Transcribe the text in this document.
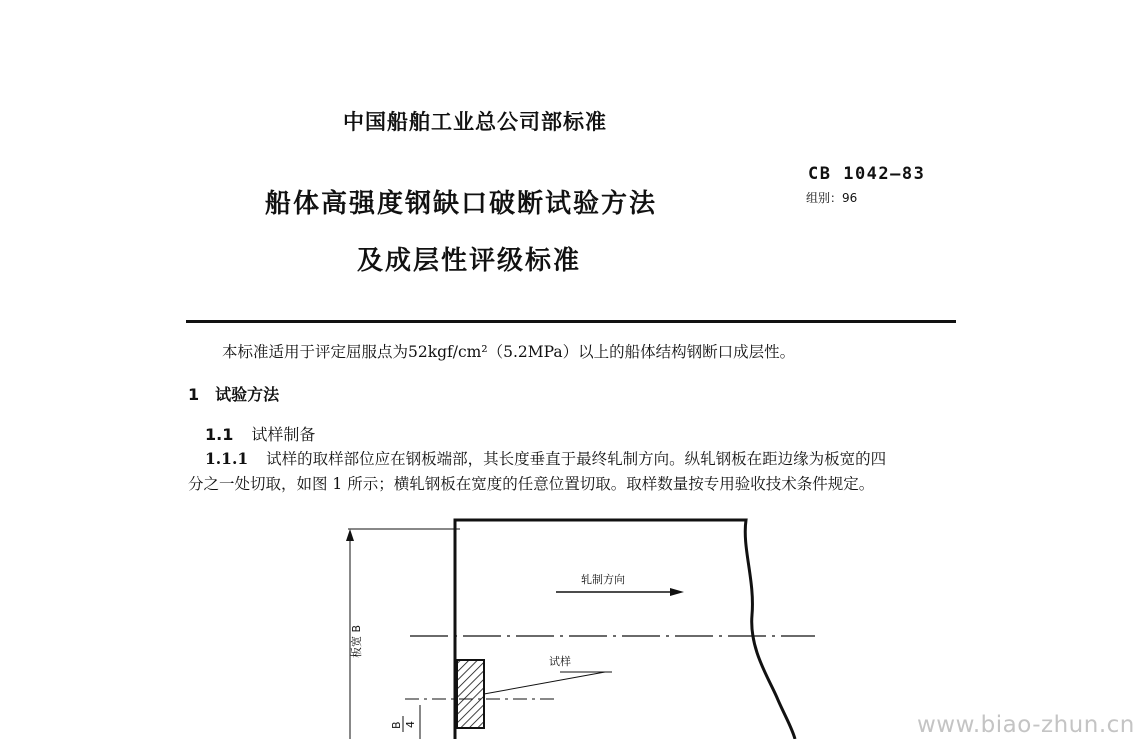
中国船舶工业总公司部标准
船体高强度钢缺口破断试验方法
及成层性评级标准
CB 1042—83
组别：96
本标准适用于评定屈服点为52kgf/cm²（5.2MPa）以上的船体结构钢断口成层性。
1　试验方法
1.1 试样制备
1.1.1 试样的取样部位应在钢板端部，其长度垂直于最终轧制方向。纵轧钢板在距边缘为板宽的四
分之一处切取，如图 1 所示；横轧钢板在宽度的任意位置切取。取样数量按专用验收技术条件规定。
轧制方向
试样
板宽 B
B 4	www.biao-zhun.cn
